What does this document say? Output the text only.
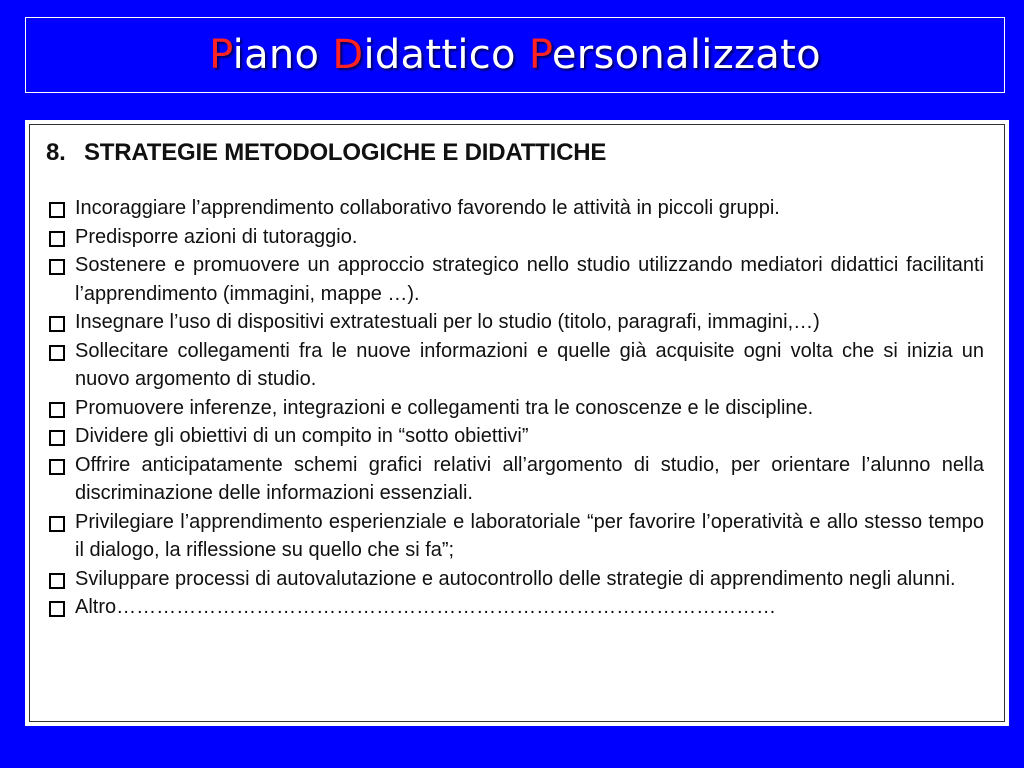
Piano Didattico Personalizzato
8. STRATEGIE METODOLOGICHE E DIDATTICHE
Incoraggiare l’apprendimento collaborativo favorendo le attività in piccoli gruppi.
Predisporre azioni di tutoraggio.
Sostenere e promuovere un approccio strategico nello studio utilizzando mediatori didattici facilitanti l’apprendimento (immagini, mappe …).
Insegnare l’uso di dispositivi extratestuali per lo studio (titolo, paragrafi, immagini,…)
Sollecitare collegamenti fra le nuove informazioni e quelle già acquisite ogni volta che si inizia un nuovo argomento di studio.
Promuovere inferenze, integrazioni e collegamenti tra le conoscenze e le discipline.
Dividere gli obiettivi di un compito in “sotto obiettivi”
Offrire anticipatamente schemi grafici relativi all’argomento di studio, per orientare l’alunno nella discriminazione delle informazioni essenziali.
Privilegiare l’apprendimento esperienziale e laboratoriale “per favorire l’operatività e allo stesso tempo il dialogo, la riflessione su quello che si fa”;
Sviluppare processi di autovalutazione e autocontrollo delle strategie di apprendimento negli alunni.
Altro………………………………………………………………………………………
